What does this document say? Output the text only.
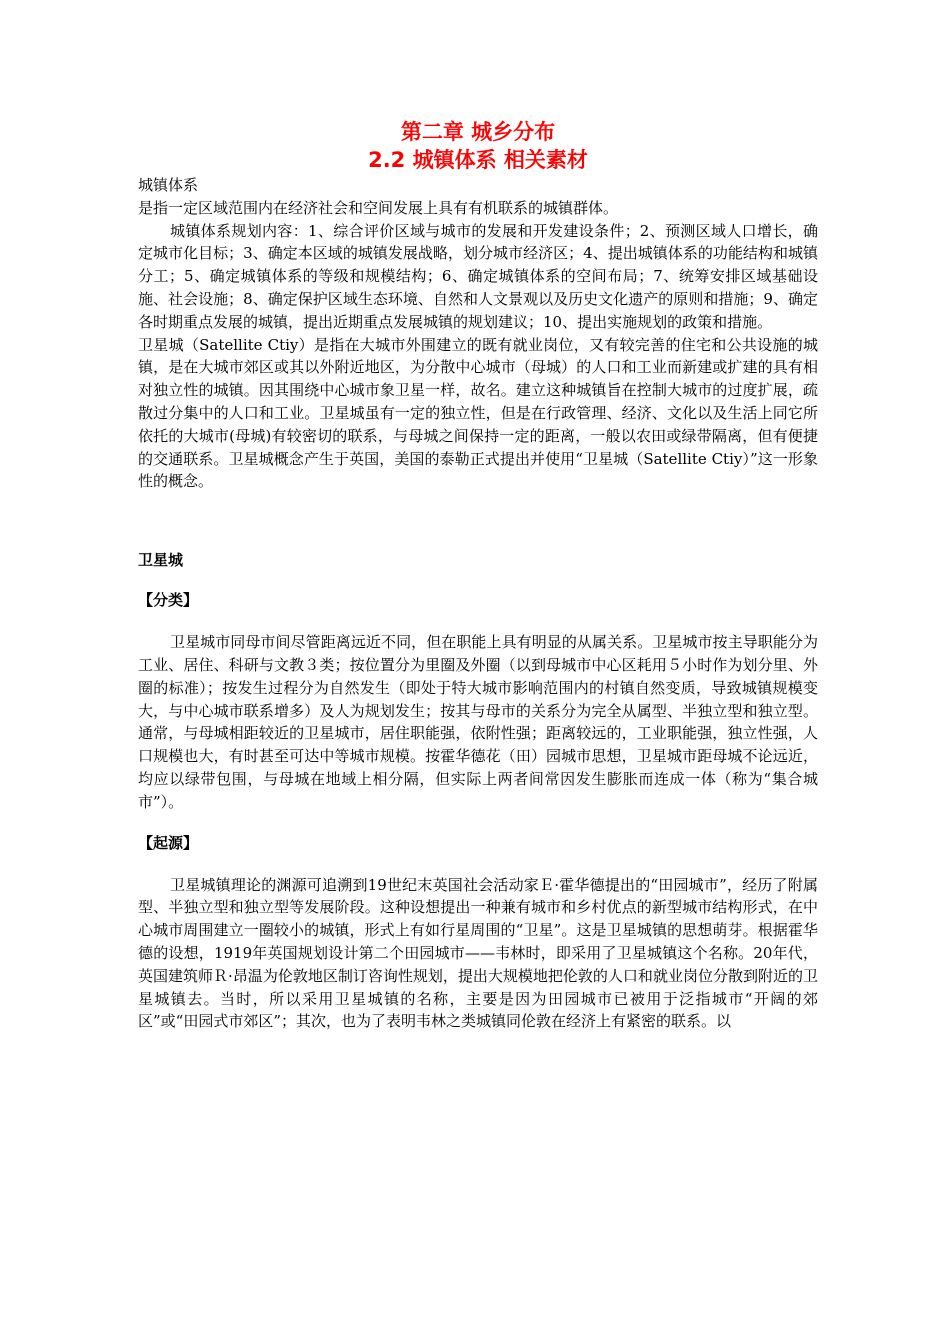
第二章 城乡分布
2.2 城镇体系 相关素材

城镇体系

是指一定区域范围内在经济社会和空间发展上具有有机联系的城镇群体。

城镇体系规划内容：1、综合评价区域与城市的发展和开发建设条件；2、预测区域人口增长，确定城市化目标；3、确定本区域的城镇发展战略，划分城市经济区；4、提出城镇体系的功能结构和城镇分工；5、确定城镇体系的等级和规模结构；6、确定城镇体系的空间布局；7、统筹安排区域基础设施、社会设施；8、确定保护区域生态环境、自然和人文景观以及历史文化遗产的原则和措施；9、确定各时期重点发展的城镇，提出近期重点发展城镇的规划建议；10、提出实施规划的政策和措施。

卫星城（Satellite Ctiy）是指在大城市外围建立的既有就业岗位，又有较完善的住宅和公共设施的城镇，是在大城市郊区或其以外附近地区，为分散中心城市（母城）的人口和工业而新建或扩建的具有相对独立性的城镇。因其围绕中心城市象卫星一样，故名。建立这种城镇旨在控制大城市的过度扩展，疏散过分集中的人口和工业。卫星城虽有一定的独立性，但是在行政管理、经济、文化以及生活上同它所依托的大城市(母城)有较密切的联系，与母城之间保持一定的距离，一般以农田或绿带隔离，但有便捷的交通联系。卫星城概念产生于英国，美国的泰勒正式提出并使用“卫星城（Satellite Ctiy）”这一形象性的概念。

卫星城

【分类】

卫星城市同母市间尽管距离远近不同，但在职能上具有明显的从属关系。卫星城市按主导职能分为工业、居住、科研与文教３类；按位置分为里圈及外圈（以到母城市中心区耗用５小时作为划分里、外圈的标准）；按发生过程分为自然发生（即处于特大城市影响范围内的村镇自然变质，导致城镇规模变大，与中心城市联系增多）及人为规划发生；按其与母市的关系分为完全从属型、半独立型和独立型。通常，与母城相距较近的卫星城市，居住职能强，依附性强；距离较远的，工业职能强，独立性强，人口规模也大，有时甚至可达中等城市规模。按霍华德花（田）园城市思想，卫星城市距母城不论远近，均应以绿带包围，与母城在地域上相分隔，但实际上两者间常因发生膨胀而连成一体（称为“集合城市”）。

【起源】

卫星城镇理论的渊源可追溯到19世纪末英国社会活动家Ｅ·霍华德提出的“田园城市”，经历了附属型、半独立型和独立型等发展阶段。这种设想提出一种兼有城市和乡村优点的新型城市结构形式，在中心城市周围建立一圈较小的城镇，形式上有如行星周围的“卫星”。这是卫星城镇的思想萌芽。根据霍华德的设想，1919年英国规划设计第二个田园城市——韦林时，即采用了卫星城镇这个名称。20年代，英国建筑师Ｒ·昂温为伦敦地区制订咨询性规划，提出大规模地把伦敦的人口和就业岗位分散到附近的卫星城镇去。当时，所以采用卫星城镇的名称，主要是因为田园城市已被用于泛指城市“开阔的郊区”或“田园式市郊区”；其次，也为了表明韦林之类城镇同伦敦在经济上有紧密的联系。以
